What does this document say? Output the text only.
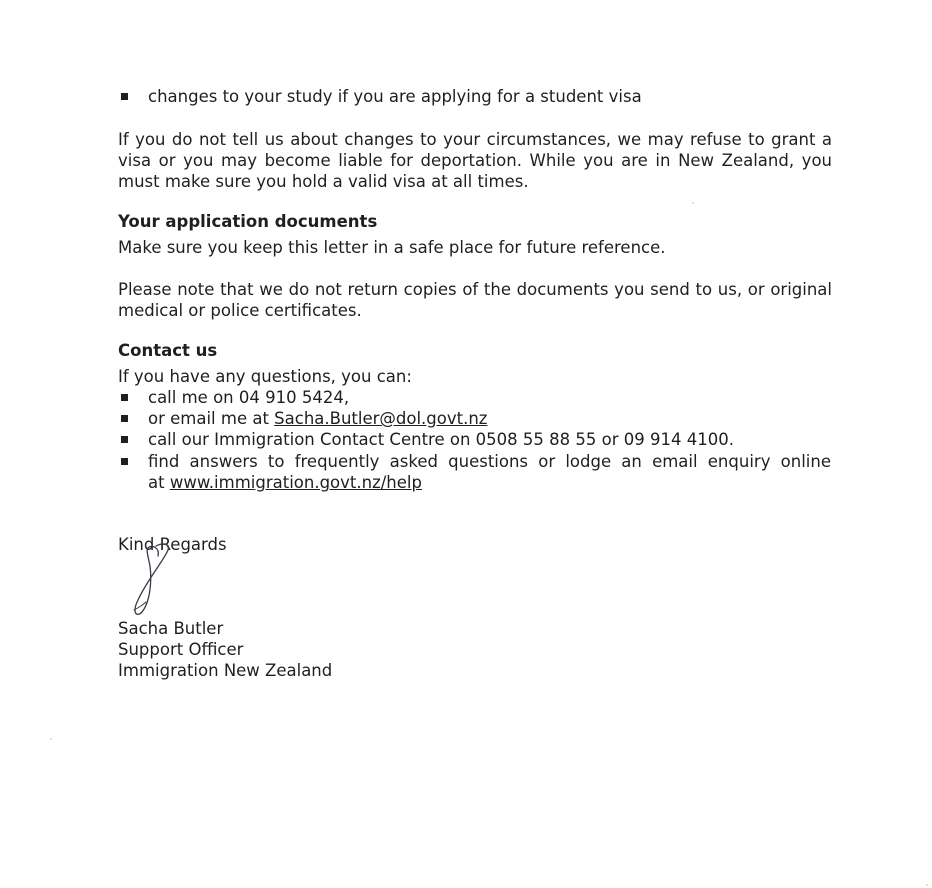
changes to your study if you are applying for a student visa
If you do not tell us about changes to your circumstances, we may refuse to grant a visa or you may become liable for deportation. While you are in New Zealand, you must make sure you hold a valid visa at all times.
Your application documents
Make sure you keep this letter in a safe place for future reference.
Please note that we do not return copies of the documents you send to us, or original medical or police certificates.
Contact us
If you have any questions, you can:
call me on 04 910 5424,
or email me at Sacha.Butler@dol.govt.nz
call our Immigration Contact Centre on 0508 55 88 55 or 09 914 4100.
find answers to frequently asked questions or lodge an email enquiry online
at www.immigration.govt.nz/help
Kind Regards
Sacha Butler
Support Officer
Immigration New Zealand
